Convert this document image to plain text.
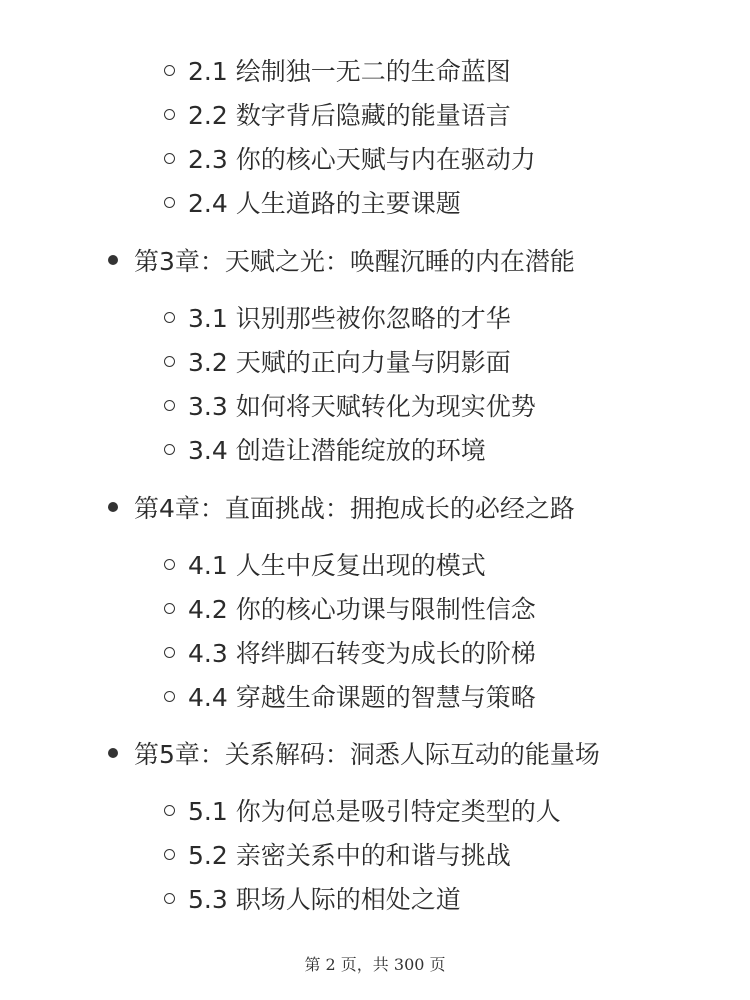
2.1 绘制独一无二的生命蓝图
2.2 数字背后隐藏的能量语言
2.3 你的核心天赋与内在驱动力
2.4 人生道路的主要课题
第3章：天赋之光：唤醒沉睡的内在潜能
3.1 识别那些被你忽略的才华
3.2 天赋的正向力量与阴影面
3.3 如何将天赋转化为现实优势
3.4 创造让潜能绽放的环境
第4章：直面挑战：拥抱成长的必经之路
4.1 人生中反复出现的模式
4.2 你的核心功课与限制性信念
4.3 将绊脚石转变为成长的阶梯
4.4 穿越生命课题的智慧与策略
第5章：关系解码：洞悉人际互动的能量场
5.1 你为何总是吸引特定类型的人
5.2 亲密关系中的和谐与挑战
5.3 职场人际的相处之道
第 2 页，共 300 页
